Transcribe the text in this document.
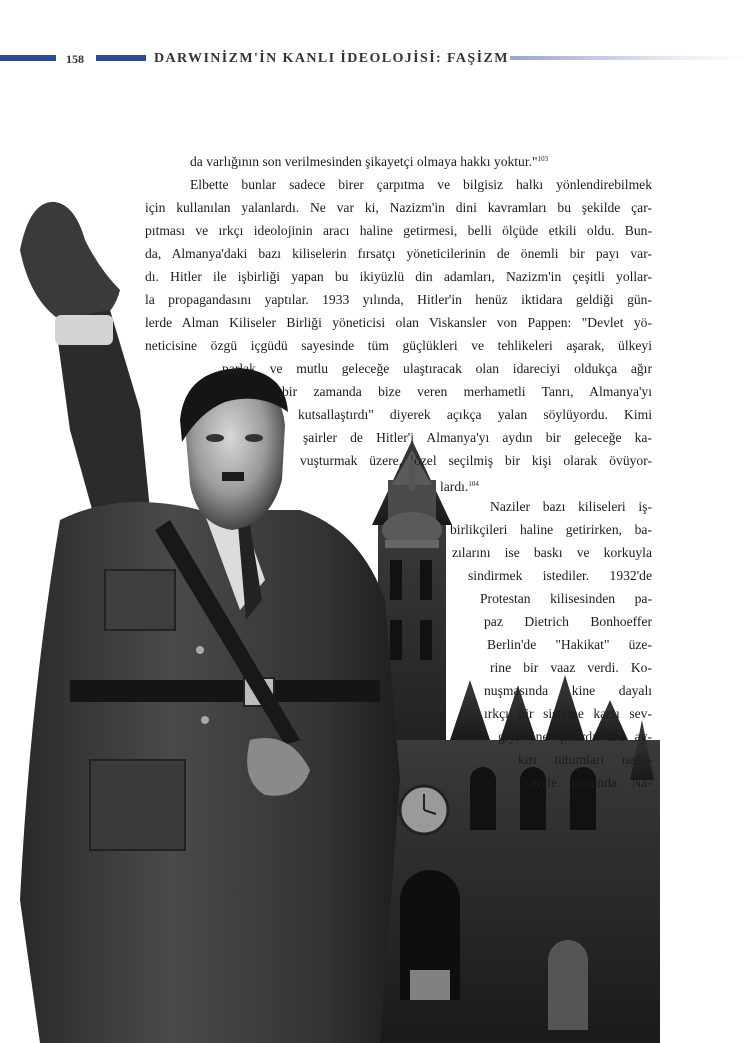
158	DARWINİZM'İN KANLI İDEOLOJİSİ: FAŞİZM
da varlığının son verilmesinden şikayetçi olmaya hakkı yoktur."$^{103}$
Elbette bunlar sadece birer çarpıtma ve bilgisiz halkı yönlendirebilmek
için kullanılan yalanlardı. Ne var ki, Nazizm'in dini kavramları bu şekilde çar-
pıtması ve ırkçı ideolojinin aracı haline getirmesi, belli ölçüde etkili oldu. Bun-
da, Almanya'daki bazı kiliselerin fırsatçı yöneticilerinin de önemli bir payı var-
dı. Hitler ile işbirliği yapan bu ikiyüzlü din adamları, Nazizm'in çeşitli yollar-
la propagandasını yaptılar. 1933 yılında, Hitler'in henüz iktidara geldiği gün-
lerde Alman Kiliseler Birliği yöneticisi olan Viskansler von Pappen: "Devlet yö-
neticisine özgü içgüdü sayesinde tüm güçlükleri ve tehlikeleri aşarak, ülkeyi
parlak ve mutlu geleceğe ulaştıracak olan idareciyi oldukça ağır
bir zamanda bize veren merhametli Tanrı, Almanya'yı
kutsallaştırdı" diyerek açıkça yalan söylüyordu. Kimi
şairler de Hitler'i Almanya'yı aydın bir geleceğe ka-
vuşturmak üzere, özel seçilmiş bir kişi olarak övüyor-
lardı.$^{104}$
Naziler bazı kiliseleri iş-
birlikçileri haline getirirken, ba-
zılarını ise baskı ve korkuyla
sindirmek istediler. 1932'de
Protestan kilisesinden pa-
paz Dietrich Bonhoeffer
Berlin'de "Hakikat" üze-
rine bir vaaz verdi. Ko-
nuşmasında kine dayalı
ırkçı bir sisteme karşı sev-
giyi öne çıkardı. Bu ay-
kırı tutumları nede-
niyle sonunda Na-
